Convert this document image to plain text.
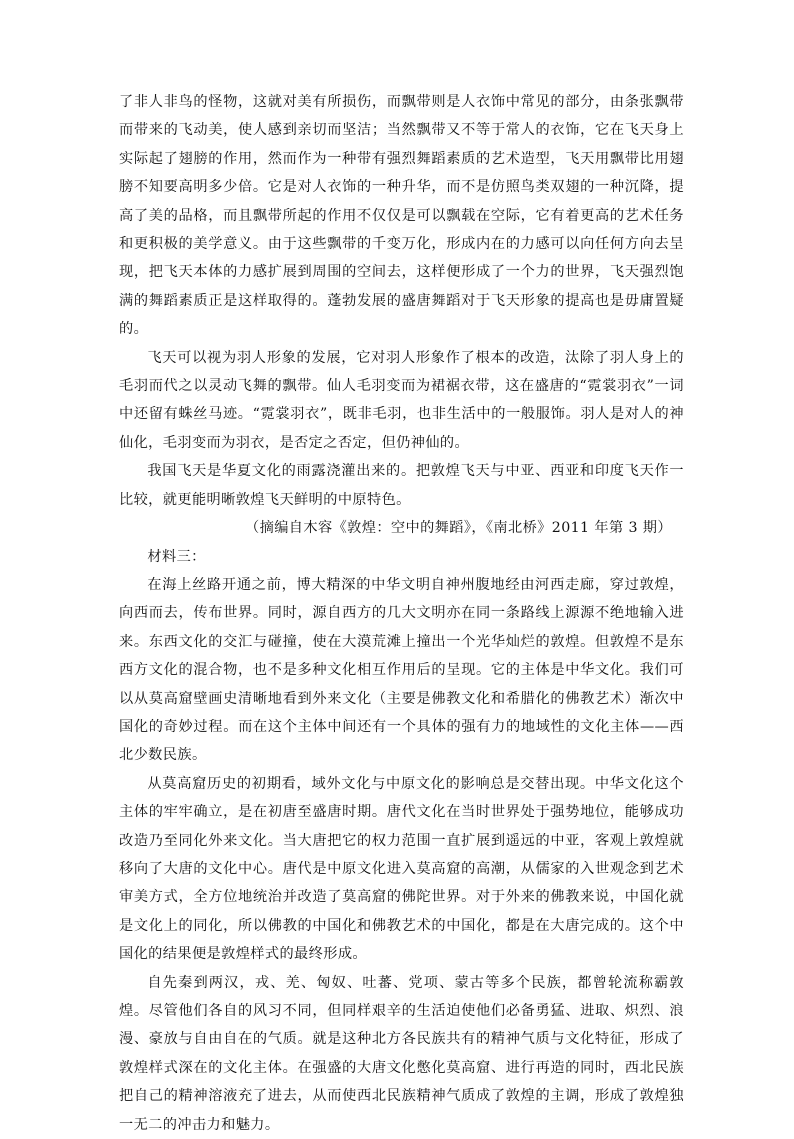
了非人非鸟的怪物，这就对美有所损伤，而飘带则是人衣饰中常见的部分，由条张飘带而带来的飞动美，使人感到亲切而坚洁；当然飘带又不等于常人的衣饰，它在飞天身上实际起了翅膀的作用，然而作为一种带有强烈舞蹈素质的艺术造型，飞天用飘带比用翅膀不知要高明多少倍。它是对人衣饰的一种升华，而不是仿照鸟类双翅的一种沉降，提高了美的品格，而且飘带所起的作用不仅仅是可以飘载在空际，它有着更高的艺术任务和更积极的美学意义。由于这些飘带的千变万化，形成内在的力感可以向任何方向去呈现，把飞天本体的力感扩展到周围的空间去，这样便形成了一个力的世界，飞天强烈饱满的舞蹈素质正是这样取得的。蓬勃发展的盛唐舞蹈对于飞天形象的提高也是毋庸置疑的。

飞天可以视为羽人形象的发展，它对羽人形象作了根本的改造，汰除了羽人身上的毛羽而代之以灵动飞舞的飘带。仙人毛羽变而为裙裾衣带，这在盛唐的“霓裳羽衣”一词中还留有蛛丝马迹。“霓裳羽衣”，既非毛羽，也非生活中的一般服饰。羽人是对人的神仙化，毛羽变而为羽衣，是否定之否定，但仍神仙的。

我国飞天是华夏文化的雨露浇灌出来的。把敦煌飞天与中亚、西亚和印度飞天作一比较，就更能明晰敦煌飞天鲜明的中原特色。

（摘编自木容《敦煌：空中的舞蹈》，《南北桥》2011 年第 3 期）

材料三：

在海上丝路开通之前，博大精深的中华文明自神州腹地经由河西走廊，穿过敦煌，向西而去，传布世界。同时，源自西方的几大文明亦在同一条路线上源源不绝地输入进来。东西文化的交汇与碰撞，使在大漠荒滩上撞出一个光华灿烂的敦煌。但敦煌不是东西方文化的混合物，也不是多种文化相互作用后的呈现。它的主体是中华文化。我们可以从莫高窟壁画史清晰地看到外来文化（主要是佛教文化和希腊化的佛教艺术）渐次中国化的奇妙过程。而在这个主体中间还有一个具体的强有力的地域性的文化主体——西北少数民族。

从莫高窟历史的初期看，域外文化与中原文化的影响总是交替出现。中华文化这个主体的牢牢确立，是在初唐至盛唐时期。唐代文化在当时世界处于强势地位，能够成功改造乃至同化外来文化。当大唐把它的权力范围一直扩展到遥远的中亚，客观上敦煌就移向了大唐的文化中心。唐代是中原文化进入莫高窟的高潮，从儒家的入世观念到艺术审美方式，全方位地统治并改造了莫高窟的佛陀世界。对于外来的佛教来说，中国化就是文化上的同化，所以佛教的中国化和佛教艺术的中国化，都是在大唐完成的。这个中国化的结果便是敦煌样式的最终形成。

自先秦到两汉，戎、羌、匈奴、吐蕃、党项、蒙古等多个民族，都曾轮流称霸敦煌。尽管他们各自的风习不同，但同样艰辛的生活迫使他们必备勇猛、进取、炽烈、浪漫、豪放与自由自在的气质。就是这种北方各民族共有的精神气质与文化特征，形成了敦煌样式深在的文化主体。在强盛的大唐文化憋化莫高窟、进行再造的同时，西北民族把自己的精神溶液充了进去，从而使西北民族精神气质成了敦煌的主调，形成了敦煌独一无二的冲击力和魅力。
